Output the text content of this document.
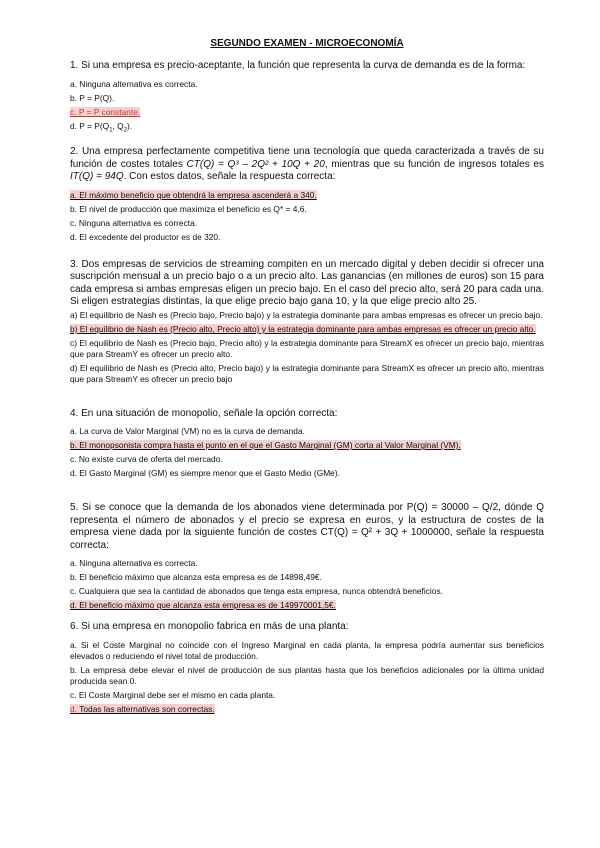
SEGUNDO EXAMEN - MICROECONOMÍA
1. Si una empresa es precio-aceptante, la función que representa la curva de demanda es de la forma:
a. Ninguna alternativa es correcta.
b. P = P(Q).
c. P = P constante.
d. $P = P(Q_1$, $Q_2$).
2. Una empresa perfectamente competitiva tiene una tecnología que queda caracterizada a través de su función de costes totales CT(Q) = Q³ – 2Q² + 10Q + 20, mientras que su función de ingresos totales es IT(Q) = 94Q. Con estos datos, señale la respuesta correcta:
a. El máximo beneficio que obtendrá la empresa ascenderá a 340.
b. El nivel de producción que maximiza el beneficio es Q* = 4,6.
c. Ninguna alternativa es correcta.
d. El excedente del productor es de 320.
3. Dos empresas de servicios de streaming compiten en un mercado digital y deben decidir si ofrecer una suscripción mensual a un precio bajo o a un precio alto. Las ganancias (en millones de euros) son 15 para cada empresa si ambas empresas eligen un precio bajo. En el caso del precio alto, será 20 para cada una. Si eligen estrategias distintas, la que elige precio bajo gana 10, y la que elige precio alto 25.
a) El equilibrio de Nash es (Precio bajo, Precio bajo) y la estrategia dominante para ambas empresas es ofrecer un precio bajo.
b) El equilibrio de Nash es (Precio alto, Precio alto) y la estrategia dominante para ambas empresas es ofrecer un precio alto.
c) El equilibrio de Nash es (Precio bajo, Precio alto) y la estrategia dominante para StreamX es ofrecer un precio bajo, mientras que para StreamY es ofrecer un precio alto.
d) El equilibrio de Nash es (Precio alto, Precio bajo) y la estrategia dominante para StreamX es ofrecer un precio alto, mientras que para StreamY es ofrecer un precio bajo
4. En una situación de monopolio, señale la opción correcta:
a. La curva de Valor Marginal (VM) no es la curva de demanda.
b. El monopsonista compra hasta el punto en el que el Gasto Marginal (GM) corta al Valor Marginal (VM).
c. No existe curva de oferta del mercado.
d. El Gasto Marginal (GM) es siempre menor que el Gasto Medio (GMe).
5. Si se conoce que la demanda de los abonados viene determinada por P(Q) = 30000 – Q/2, dónde Q representa el número de abonados y el precio se expresa en euros, y la estructura de costes de la empresa viene dada por la siguiente función de costes CT(Q) = Q² + 3Q + 1000000, señale la respuesta correcta:
a. Ninguna alternativa es correcta.
b. El beneficio máximo que alcanza esta empresa es de 14898,49€.
c. Cualquiera que sea la cantidad de abonados que tenga esta empresa, nunca obtendrá beneficios.
d. El beneficio máximo que alcanza esta empresa es de 149970001,5€.
6. Si una empresa en monopolio fabrica en más de una planta:
a. Si el Coste Marginal no coincide con el Ingreso Marginal en cada planta, la empresa podría aumentar sus beneficios elevados o reduciendo el nivel total de producción.
b. La empresa debe elevar el nivel de producción de sus plantas hasta que los beneficios adicionales por la última unidad producida sean 0.
c. El Coste Marginal debe ser el mismo en cada planta.
d. Todas las alternativas son correctas.
